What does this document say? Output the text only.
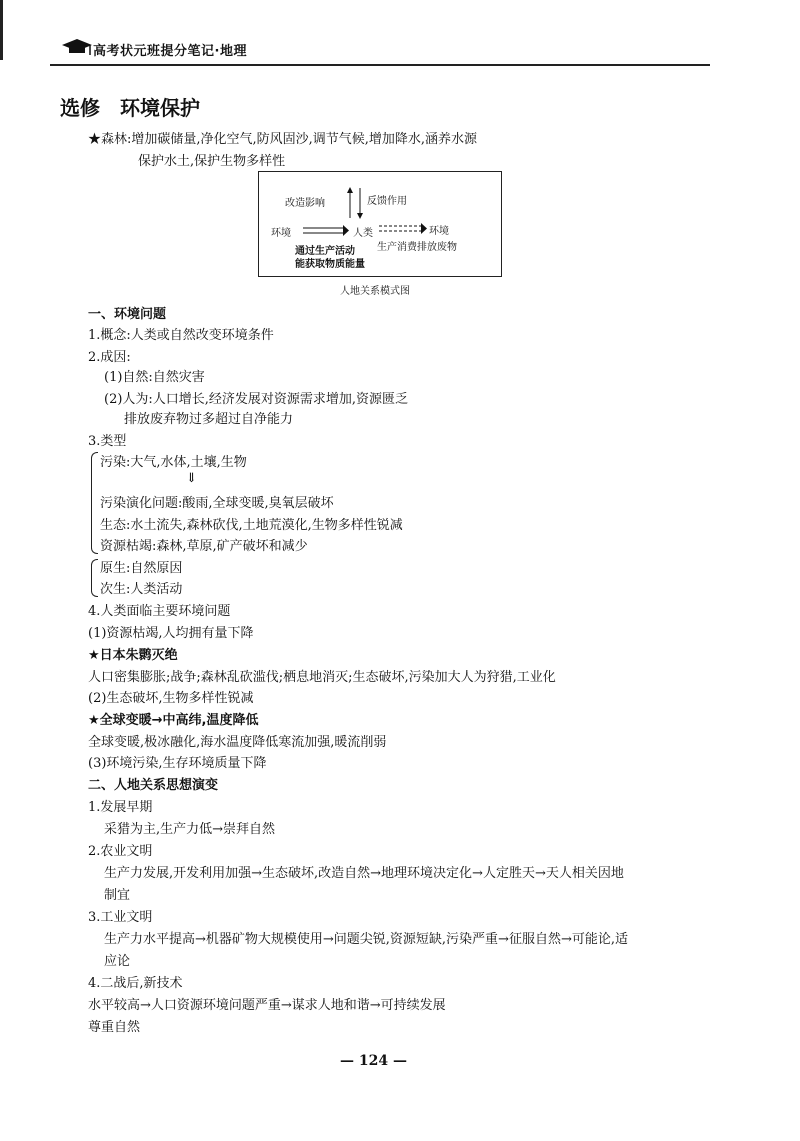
高考状元班提分笔记·地理
选修　环境保护
★森林:增加碳储量,净化空气,防风固沙,调节气候,增加降水,涵养水源
保护水土,保护生物多样性
改造影响	反馈作用
环境	人类	环境
通过生产活动 生产消费排放废物
能获取物质能量
人地关系模式图
一、环境问题
1.概念:人类或自然改变环境条件
2.成因:
(1)自然:自然灾害
(2)人为:人口增长,经济发展对资源需求增加,资源匮乏
排放废弃物过多超过自净能力
3.类型
污染:大气,水体,土壤,生物
⇓
污染演化问题:酸雨,全球变暖,臭氧层破坏
生态:水土流失,森林砍伐,土地荒漠化,生物多样性锐减
资源枯竭:森林,草原,矿产破坏和减少
原生:自然原因
次生:人类活动
4.人类面临主要环境问题
(1)资源枯竭,人均拥有量下降
★日本朱鹮灭绝
人口密集膨胀;战争;森林乱砍滥伐;栖息地消灭;生态破坏,污染加大人为狩猎,工业化
(2)生态破坏,生物多样性锐减
★全球变暖→中高纬,温度降低
全球变暖,极冰融化,海水温度降低寒流加强,暖流削弱
(3)环境污染,生存环境质量下降
二、人地关系思想演变
1.发展早期
采猎为主,生产力低→崇拜自然
2.农业文明
生产力发展,开发利用加强→生态破坏,改造自然→地理环境决定化→人定胜天→天人相关因地
制宜
3.工业文明
生产力水平提高→机器矿物大规模使用→问题尖锐,资源短缺,污染严重→征服自然→可能论,适
应论
4.二战后,新技术
水平较高→人口资源环境问题严重→谋求人地和谐→可持续发展
尊重自然
— 124 —
